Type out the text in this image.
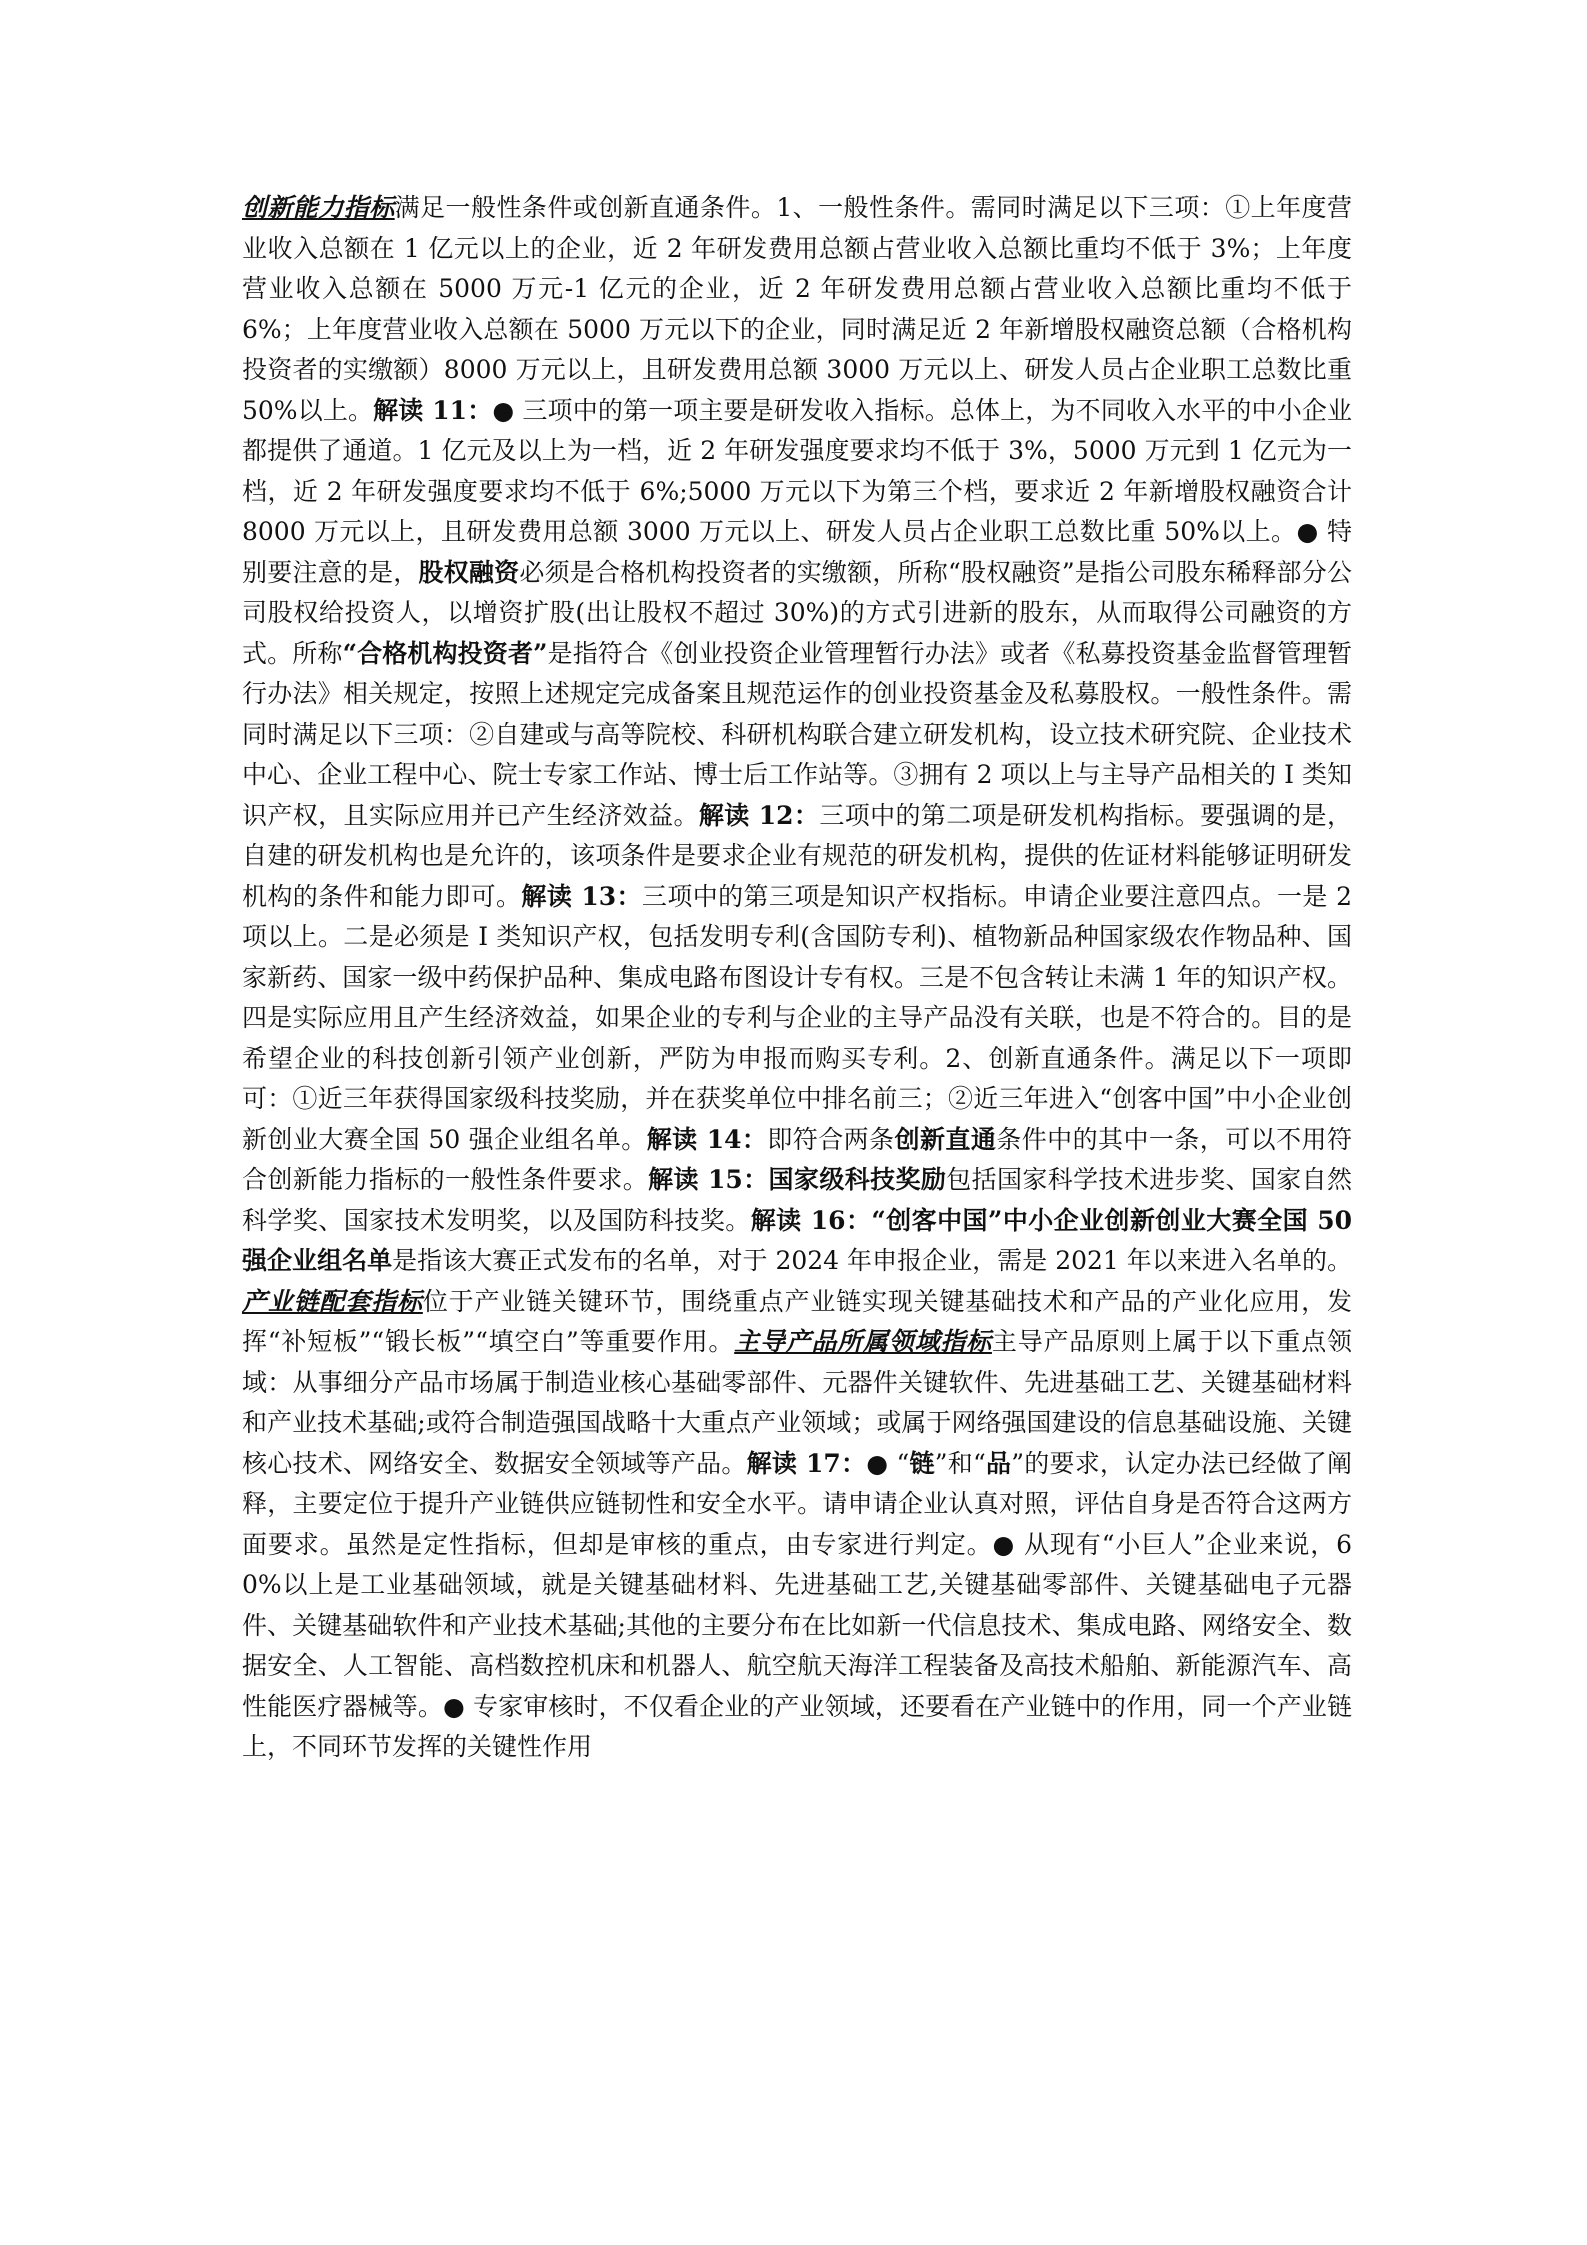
创新能力指标满足一般性条件或创新直通条件。1、一般性条件。需同时满足以下三项：①上年度营业收入总额在 1 亿元以上的企业，近 2 年研发费用总额占营业收入总额比重均不低于 3%；上年度营业收入总额在 5000 万元-1 亿元的企业，近 2 年研发费用总额占营业收入总额比重均不低于 6%；上年度营业收入总额在 5000 万元以下的企业，同时满足近 2 年新增股权融资总额（合格机构投资者的实缴额）8000 万元以上，且研发费用总额 3000 万元以上、研发人员占企业职工总数比重 50%以上。解读 11：● 三项中的第一项主要是研发收入指标。总体上，为不同收入水平的中小企业都提供了通道。1 亿元及以上为一档，近 2 年研发强度要求均不低于 3%，5000 万元到 1 亿元为一档，近 2 年研发强度要求均不低于 6%;5000 万元以下为第三个档，要求近 2 年新增股权融资合计 8000 万元以上，且研发费用总额 3000 万元以上、研发人员占企业职工总数比重 50%以上。● 特别要注意的是，股权融资必须是合格机构投资者的实缴额，所称“股权融资”是指公司股东稀释部分公司股权给投资人，以增资扩股(出让股权不超过 30%)的方式引进新的股东，从而取得公司融资的方式。所称“合格机构投资者”是指符合《创业投资企业管理暂行办法》或者《私募投资基金监督管理暂行办法》相关规定，按照上述规定完成备案且规范运作的创业投资基金及私募股权。一般性条件。需同时满足以下三项：②自建或与高等院校、科研机构联合建立研发机构，设立技术研究院、企业技术中心、企业工程中心、院士专家工作站、博士后工作站等。③拥有 2 项以上与主导产品相关的 I 类知识产权，且实际应用并已产生经济效益。解读 12：三项中的第二项是研发机构指标。要强调的是，自建的研发机构也是允许的，该项条件是要求企业有规范的研发机构，提供的佐证材料能够证明研发机构的条件和能力即可。解读 13：三项中的第三项是知识产权指标。申请企业要注意四点。一是 2 项以上。二是必须是 I 类知识产权，包括发明专利(含国防专利)、植物新品种国家级农作物品种、国家新药、国家一级中药保护品种、集成电路布图设计专有权。三是不包含转让未满 1 年的知识产权。四是实际应用且产生经济效益，如果企业的专利与企业的主导产品没有关联，也是不符合的。目的是希望企业的科技创新引领产业创新，严防为申报而购买专利。2、创新直通条件。满足以下一项即可：①近三年获得国家级科技奖励，并在获奖单位中排名前三；②近三年进入“创客中国”中小企业创新创业大赛全国 50 强企业组名单。解读 14：即符合两条创新直通条件中的其中一条，可以不用符合创新能力指标的一般性条件要求。解读 15：国家级科技奖励包括国家科学技术进步奖、国家自然科学奖、国家技术发明奖，以及国防科技奖。解读 16：“创客中国”中小企业创新创业大赛全国 50 强企业组名单是指该大赛正式发布的名单，对于 2024 年申报企业，需是 2021 年以来进入名单的。产业链配套指标位于产业链关键环节，围绕重点产业链实现关键基础技术和产品的产业化应用，发挥“补短板”“锻长板”“填空白”等重要作用。主导产品所属领域指标主导产品原则上属于以下重点领域：从事细分产品市场属于制造业核心基础零部件、元器件关键软件、先进基础工艺、关键基础材料和产业技术基础;或符合制造强国战略十大重点产业领域；或属于网络强国建设的信息基础设施、关键核心技术、网络安全、数据安全领域等产品。解读 17：● “链”和“品”的要求，认定办法已经做了阐释，主要定位于提升产业链供应链韧性和安全水平。请申请企业认真对照，评估自身是否符合这两方面要求。虽然是定性指标，但却是审核的重点，由专家进行判定。● 从现有“小巨人”企业来说，60%以上是工业基础领域，就是关键基础材料、先进基础工艺,关键基础零部件、关键基础电子元器件、关键基础软件和产业技术基础;其他的主要分布在比如新一代信息技术、集成电路、网络安全、数据安全、人工智能、高档数控机床和机器人、航空航天海洋工程装备及高技术船舶、新能源汽车、高性能医疗器械等。● 专家审核时，不仅看企业的产业领域，还要看在产业链中的作用，同一个产业链上，不同环节发挥的关键性作用
